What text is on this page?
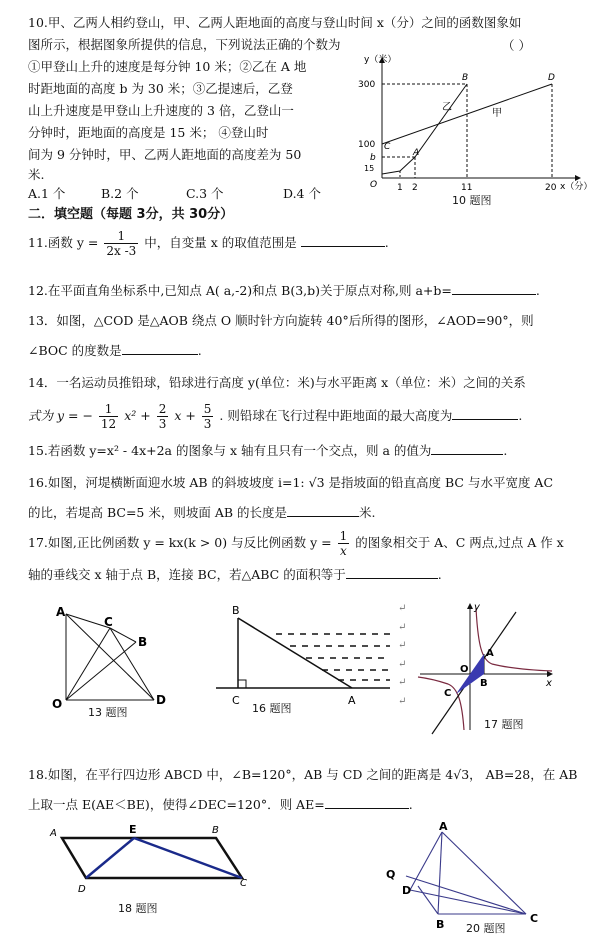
10.甲、乙两人相约登山，甲、乙两人距地面的高度与登山时间 x（分）之间的函数图象如
图所示，根据图象所提供的信息，下列说法正确的个数为	（ ）
①甲登山上升的速度是每分钟 10 米；②乙在 A 地
时距地面的高度 b 为 30 米；③乙提速后，乙登
山上升速度是甲登山上升速度的 3 倍，乙登山一
分钟时，距地面的高度是 15 米； ④登山时
间为 9 分钟时，甲、乙两人距地面的高度差为 50
米.
A.1 个	B.2 个	C.3 个	D.4 个
y（米）
x（分）
300
100
b
15
O 1 2	11	20
B
C
A
D
乙
甲
10 题图
二．填空题（每题 3分，共 30分）
11.函数 $y = \frac{1}{2x -3}$ 中，自变量 x 的取值范围是	.
12.在平面直角坐标系中,已知点 A( a,-2)和点 B(3,b)关于原点对称,则 a+b=	.
13．如图，△COD 是△AOB 绕点 O 顺时针方向旋转 40°后所得的图形，∠AOD=90°，则
∠BOC 的度数是	.
14．一名运动员推铅球，铅球进行高度 y(单位：米)与水平距离 x（单位：米）之间的关系
式为 y = − $\frac{1}{12} x^2 + \frac{2}{3}$ $x + \frac{5}{3}$ . 则铅球在飞行过程中距地面的最大高度为	.
15.若函数 y=x² - 4x+2a 的图象与 x 轴有且只有一个交点，则 a 的值为	.
16.如图，河堤横断面迎水坡 AB 的斜坡坡度 i=1: √3 是指坡面的铅直高度 BC 与水平宽度 AC
的比，若堤高 BC=5 米，则坡面 AB 的长度是	米.
17.如图,正比例函数 y = kx(k > 0) 与反比例函数 $y = \frac{1}{x}$ 的图象相交于 A、C 两点,过点 A 作 x
轴的垂线交 x 轴于点 B，连接 BC，若△ABC 的面积等于	.
A
C
B
O	D
13 题图
B
C	A
16 题图
↵
↵
↵
↵
↵
↵
A
O
B
C
y
x
17 题图
18.如图，在平行四边形 ABCD 中，∠B=120°，AB 与 CD 之间的距离是 4√3， AB=28，在 AB
上取一点 E(AE＜BE)，使得∠DEC=120°．则 AE=	.
A	E	B
D
C
18 题图
A
Q
D
B	C
20 题图
